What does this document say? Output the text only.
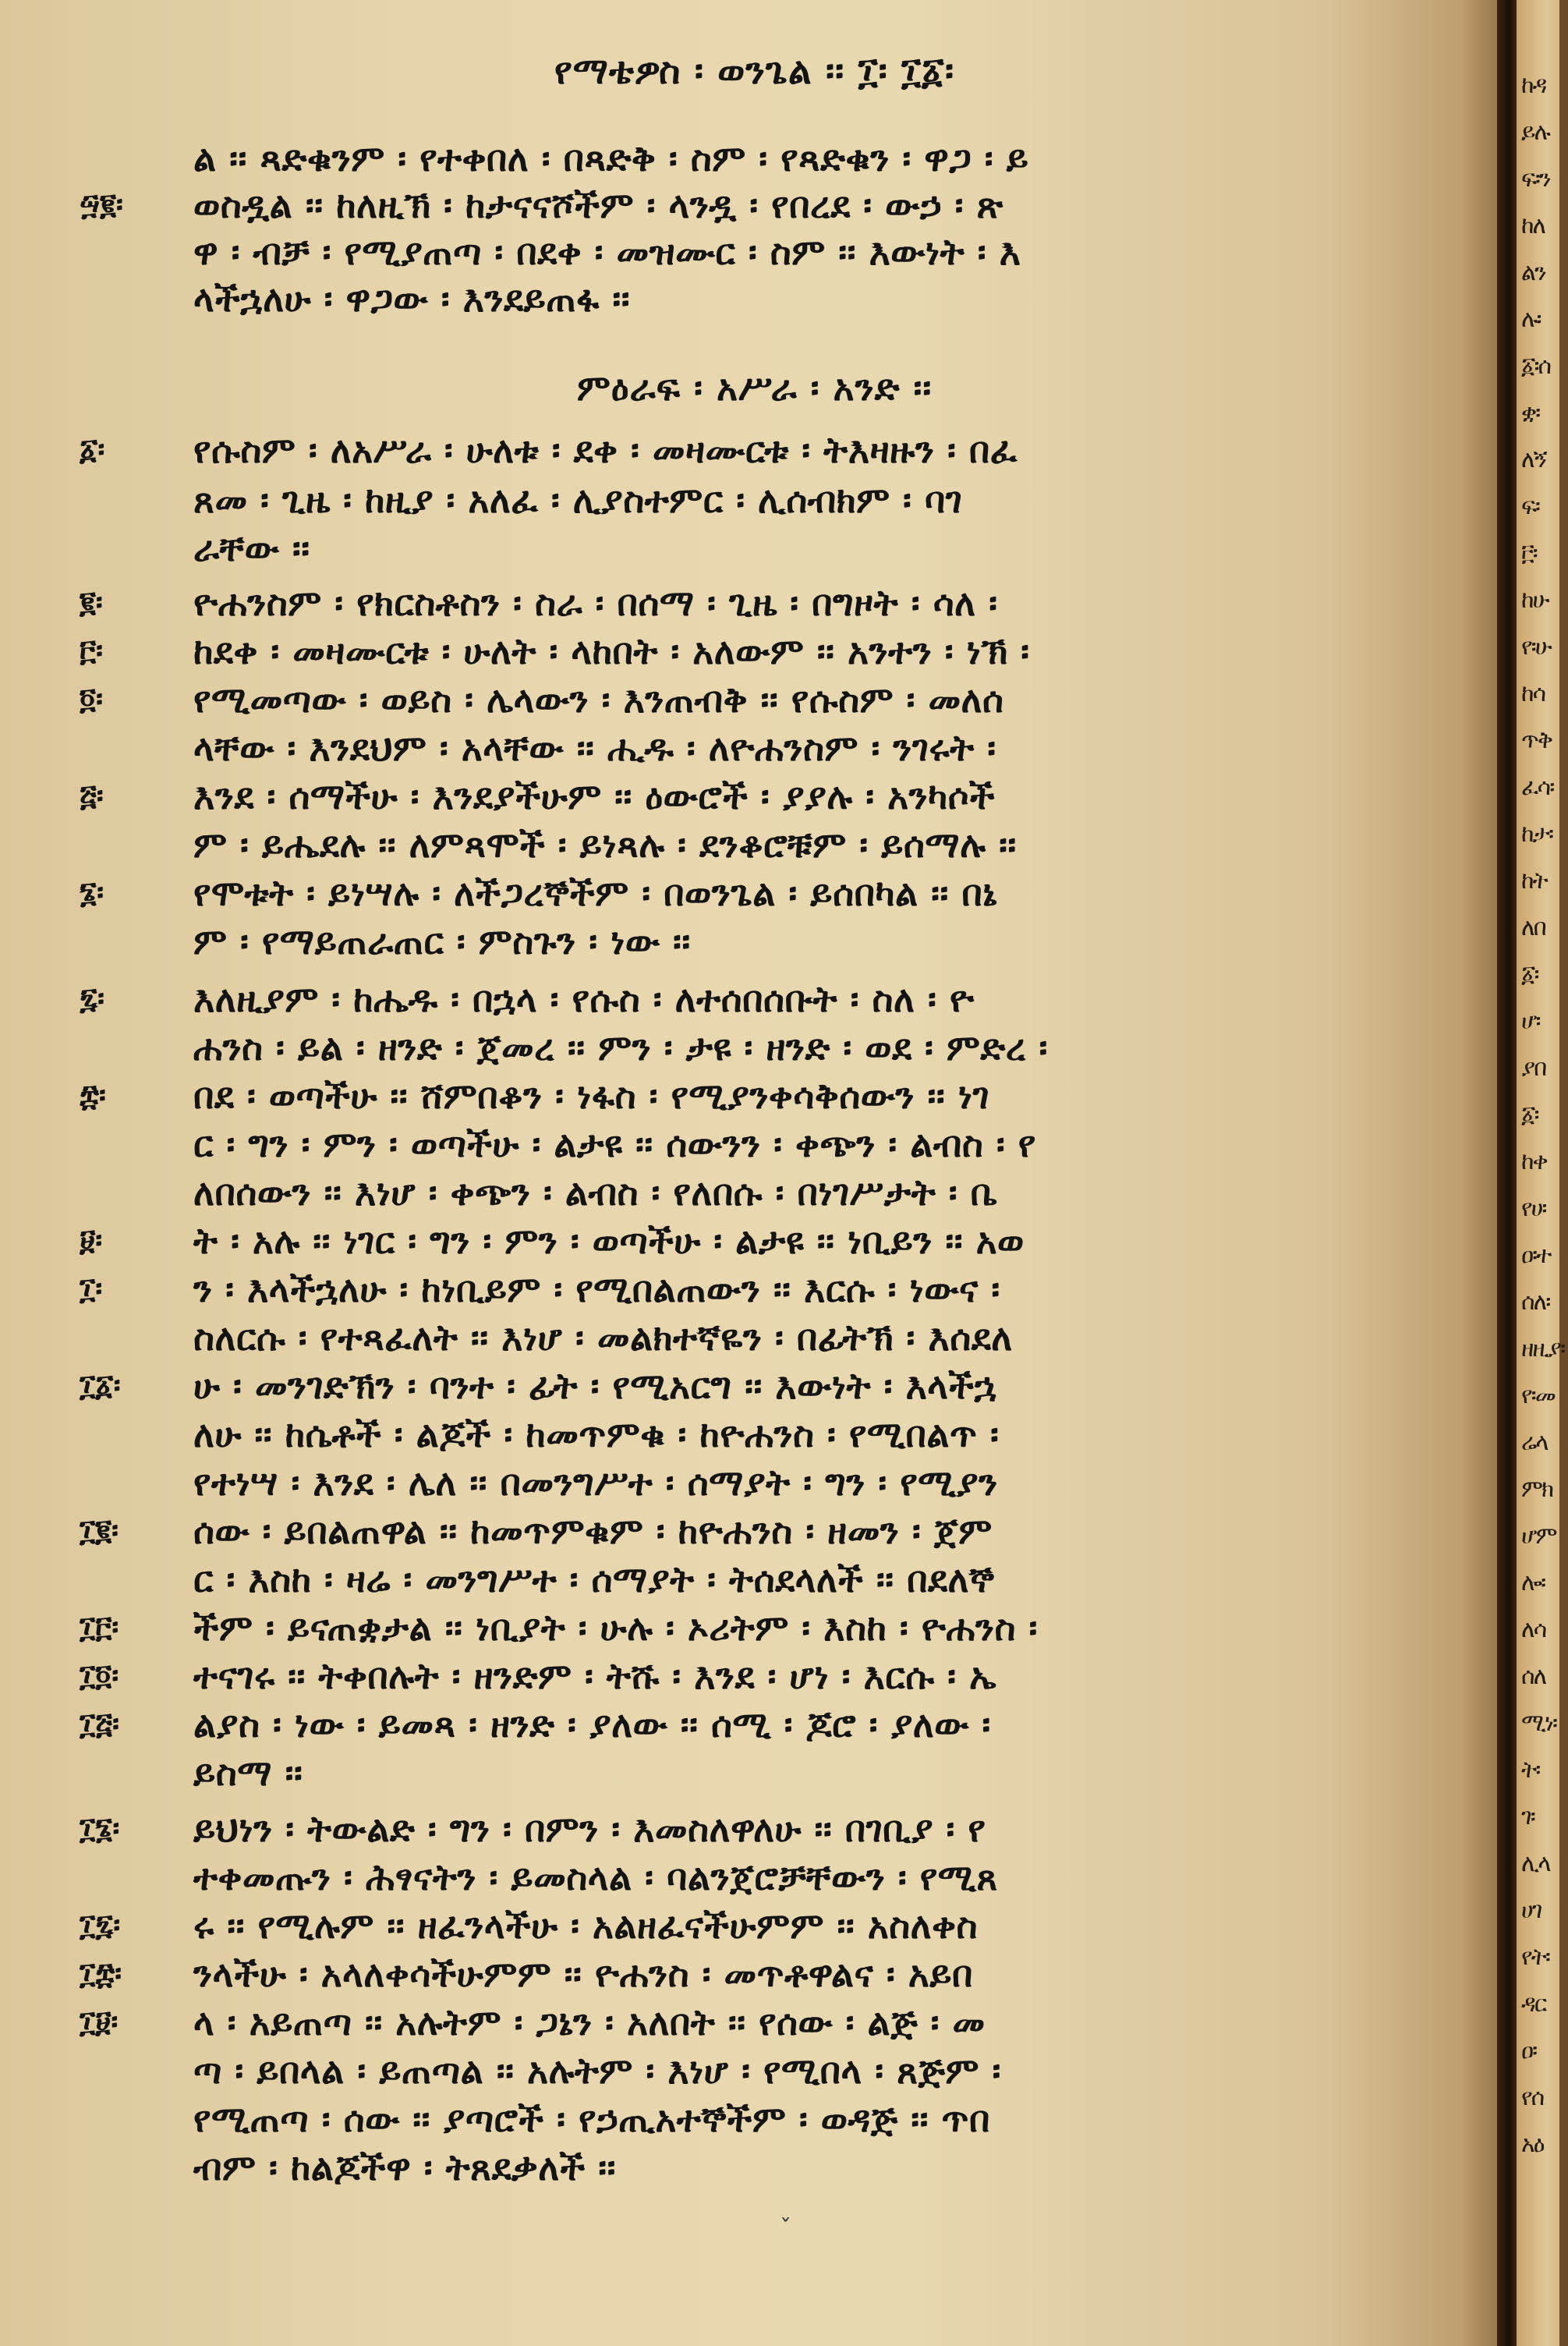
የማቴዎስ ፡ ወንጌል ፡፡ ፲፡ ፲፩፡
ምዕራፍ ፡ አሥራ ፡ አንድ ፡፡
ል ፡፡ ጻድቁንም ፡ የተቀበለ ፡ በጻድቅ ፡ ስም ፡ የጻድቁን ፡ ዋጋ ፡ ይ
ወስዷል ፡፡ ከለዚኽ ፡ ከታናናሾችም ፡ ላንዷ ፡ የበረደ ፡ ውኃ ፡ ጽ
ዋ ፡ ብቻ ፡ የሚያጠጣ ፡ በደቀ ፡ መዝሙር ፡ ስም ፡፡ እውነት ፡ እ
ላችኋለሁ ፡ ዋጋው ፡ እንደይጠፋ ፡፡
የሱስም ፡ ለአሥራ ፡ ሁለቱ ፡ ደቀ ፡ መዛሙርቱ ፡ ትእዛዙን ፡ በፈ
ጸመ ፡ ጊዜ ፡ ከዚያ ፡ አለፈ ፡ ሊያስተምር ፡ ሊሰብክም ፡ ባገ
ራቸው ፡፡
ዮሐንስም ፡ የክርስቶስን ፡ ስራ ፡ በሰማ ፡ ጊዜ ፡ በግዞት ፡ ሳለ ፡
ከደቀ ፡ መዛሙርቱ ፡ ሁለት ፡ ላከበት ፡ አለውም ፡፡ አንተን ፡ ነኽ ፡
የሚመጣው ፡ ወይስ ፡ ሌላውን ፡ እንጠብቅ ፡፡ የሱስም ፡ መለሰ
ላቸው ፡ እንደህም ፡ አላቸው ፡፡ ሒዱ ፡ ለዮሐንስም ፡ ንገሩት ፡
እንደ ፡ ሰማችሁ ፡ እንደያችሁም ፡፡ ዕውሮች ፡ ያያሉ ፡ አንካሶች
ም ፡ ይሔደሉ ፡፡ ለምጻሞች ፡ ይነጻሉ ፡ ደንቆሮቹም ፡ ይሰማሉ ፡፡
የሞቱት ፡ ይነሣሉ ፡ ለችጋረኞችም ፡ በወንጌል ፡ ይሰበካል ፡፡ በኔ
ም ፡ የማይጠራጠር ፡ ምስጉን ፡ ነው ፡፡
እለዚያም ፡ ከሔዱ ፡ በኋላ ፡ የሱስ ፡ ለተሰበሰቡት ፡ ስለ ፡ ዮ
ሐንስ ፡ ይል ፡ ዘንድ ፡ ጀመረ ፡፡ ምን ፡ ታዩ ፡ ዘንድ ፡ ወደ ፡ ምድረ ፡
በደ ፡ ወጣችሁ ፡፡ ሸምበቆን ፡ ነፋስ ፡ የሚያንቀሳቅሰውን ፡፡ ነገ
ር ፡ ግን ፡ ምን ፡ ወጣችሁ ፡ ልታዩ ፡፡ ሰውንን ፡ ቀጭን ፡ ልብስ ፡ የ
ለበሰውን ፡፡ እነሆ ፡ ቀጭን ፡ ልብስ ፡ የለበሱ ፡ በነገሥታት ፡ ቤ
ት ፡ አሉ ፡፡ ነገር ፡ ግን ፡ ምን ፡ ወጣችሁ ፡ ልታዩ ፡፡ ነቢይን ፡፡ አወ
ን ፡ እላችኋለሁ ፡ ከነቢይም ፡ የሚበልጠውን ፡፡ እርሱ ፡ ነውና ፡
ስለርሱ ፡ የተጻፈለት ፡፡ እነሆ ፡ መልክተኛዬን ፡ በፊትኽ ፡ እሰደለ
ሁ ፡ መንገድኽን ፡ ባንተ ፡ ፊት ፡ የሚአርግ ፡፡ እውነት ፡ እላችኋ
ለሁ ፡፡ ከሴቶች ፡ ልጆች ፡ ከመጥምቁ ፡ ከዮሐንስ ፡ የሚበልጥ ፡
የተነሣ ፡ እንደ ፡ ሌለ ፡፡ በመንግሥተ ፡ ሰማያት ፡ ግን ፡ የሚያን
ሰው ፡ ይበልጠዋል ፡፡ ከመጥምቁም ፡ ከዮሐንስ ፡ ዘመን ፡ ጀም
ር ፡ እስከ ፡ ዛሬ ፡ መንግሥተ ፡ ሰማያት ፡ ትሰደላለች ፡፡ በደለኞ
ችም ፡ ይናጠቋታል ፡፡ ነቢያት ፡ ሁሉ ፡ ኦሪትም ፡ እስከ ፡ ዮሐንስ ፡
ተናገሩ ፡፡ ትቀበሉት ፡ ዘንድም ፡ ትሹ ፡ እንደ ፡ ሆነ ፡ እርሱ ፡ ኤ
ልያስ ፡ ነው ፡ ይመጻ ፡ ዘንድ ፡ ያለው ፡፡ ሰሚ ፡ ጆሮ ፡ ያለው ፡
ይስማ ፡፡
ይህነን ፡ ትውልድ ፡ ግን ፡ በምን ፡ እመስለዋለሁ ፡፡ በገቢያ ፡ የ
ተቀመጡን ፡ ሕፃናትን ፡ ይመስላል ፡ ባልንጀሮቻቸውን ፡ የሚጸ
ሩ ፡፡ የሚሉም ፡፡ ዘፈንላችሁ ፡ አልዘፈናችሁምም ፡፡ አስለቀስ
ንላችሁ ፡ አላለቀሳችሁምም ፡፡ ዮሐንስ ፡ መጥቶዋልና ፡ አይበ
ላ ፡ አይጠጣ ፡፡ አሉትም ፡ ጋኔን ፡ አለበት ፡፡ የሰው ፡ ልጅ ፡ መ
ጣ ፡ ይበላል ፡ ይጠጣል ፡፡ አሉትም ፡ እነሆ ፡ የሚበላ ፡ ጸጅም ፡
የሚጠጣ ፡ ሰው ፡፡ ያጣሮች ፡ የኃጢአተኞችም ፡ ወዳጅ ፡፡ ጥበ
ብም ፡ ከልጆችዋ ፡ ትጸደቃለች ፡፡
፵፪፡
፩፡
፪፡
፫፡
፬፡
፭፡
፮፡
፯፡
፰፡
፱፡
፲፡
፲፩፡
፲፪፡
፲፫፡
፲፬፡
፲፭፡
፲፮፡
፲፯፡
፲፰፡
፲፱፡
ˇ
ከዳ
ይሉ
ፍ፡ን
ከለ
ልን
ሉ፡
፩፡ሰ
ቋ፡
ለኝ
ፍ፡
፫፡
ከሁ
የ፡ሁ
ከሳ
ጥቅ
ፈሳ፡
ከታ፡
ከት
ለበ
፩፡
ሆ፡
ያበ
፩፡
ከቀ
የሀ፡
ዐ፡ተ
ሰለ፡
ዘዚያ፡
የ፡መ
ሬላ
ምክ
ሆም
ሎ፡
ለሳ
ሰለ
ሚነ፡
ት፡
ገ፡
ሊላ
ሀገ
የት፡
ዳር
ዐ፡
የሰ
አዕ
